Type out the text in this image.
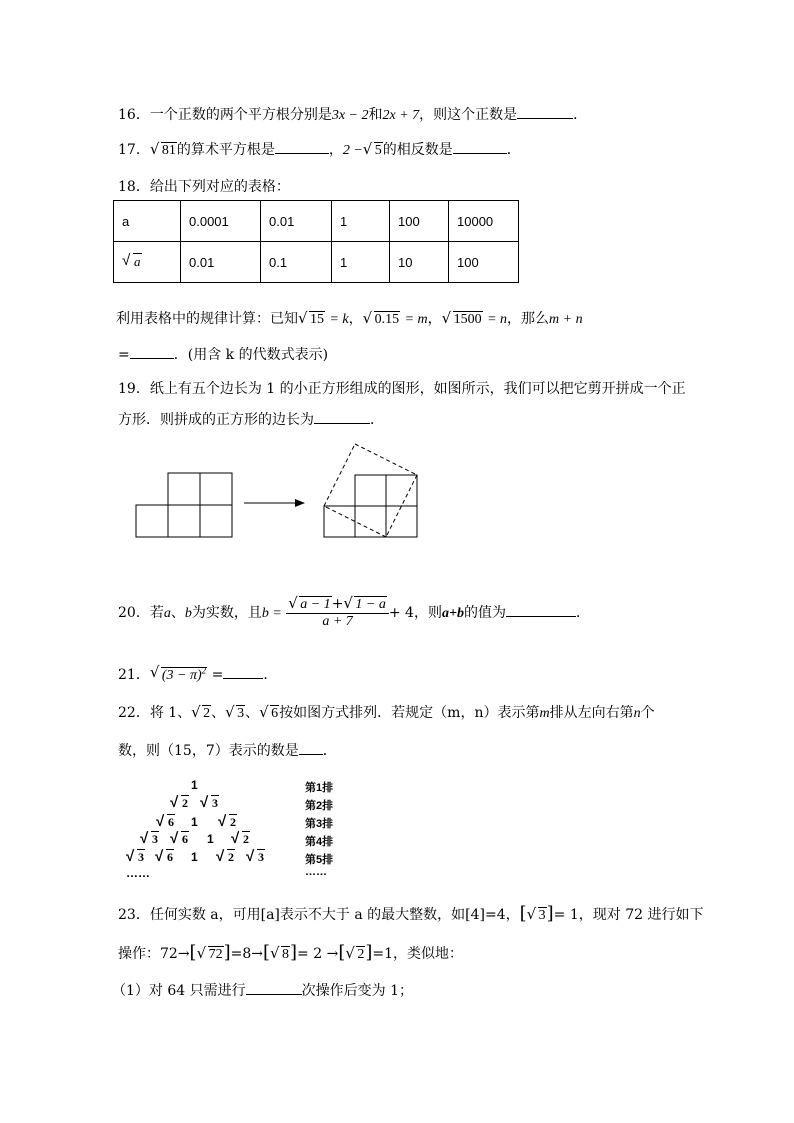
16．一个正数的两个平方根分别是3x − 2和2x + 7，则这个正数是	．
17． √ 81的算术平方根是	，2 − √ 5的相反数是	．
18．给出下列对应的表格：
a	0.0001	0.01	1	100	10000

√ a	0.01	0.1	1	10	100
利用表格中的规律计算：已知 √ 15 = k， √ 0.15 = m， √ 1500 = n，那么m + n
=	．(用含 k 的代数式表示)
19．纸上有五个边长为 1 的小正方形组成的图形，如图所示，我们可以把它剪开拼成一个正
方形．则拼成的正方形的边长为	．
20．若a、b为实数，且$b = \frac{√ a - 1+ √ 1 - a}{a + 7} + 4$，则a+b的值为	．
21． √ $(3 - \pi)^2$ =	．
22．将 1、 √ 2、 √ 3、 √ 6按如图方式排列．若规定（m，n）表示第m排从左向右第n个
数，则（15，7）表示的数是 ．
1
√ 2 √ 3
√ 6 1 √ 2
√ 3 √ 6 1 √ 2
√ 3 √ 6 1 √ 2 √ 3
……
第1排
第2排
第3排
第4排
第5排
……
23．任何实数 a，可用[a]表示不大于 a 的最大整数，如[4]=4，[ √ 3]= 1，现对 72 进行如下
操作：72→[ √ 72]=8→[ √ 8]= 2 →[ √ 2]=1，类似地：
（1）对 64 只需进行	次操作后变为 1；
